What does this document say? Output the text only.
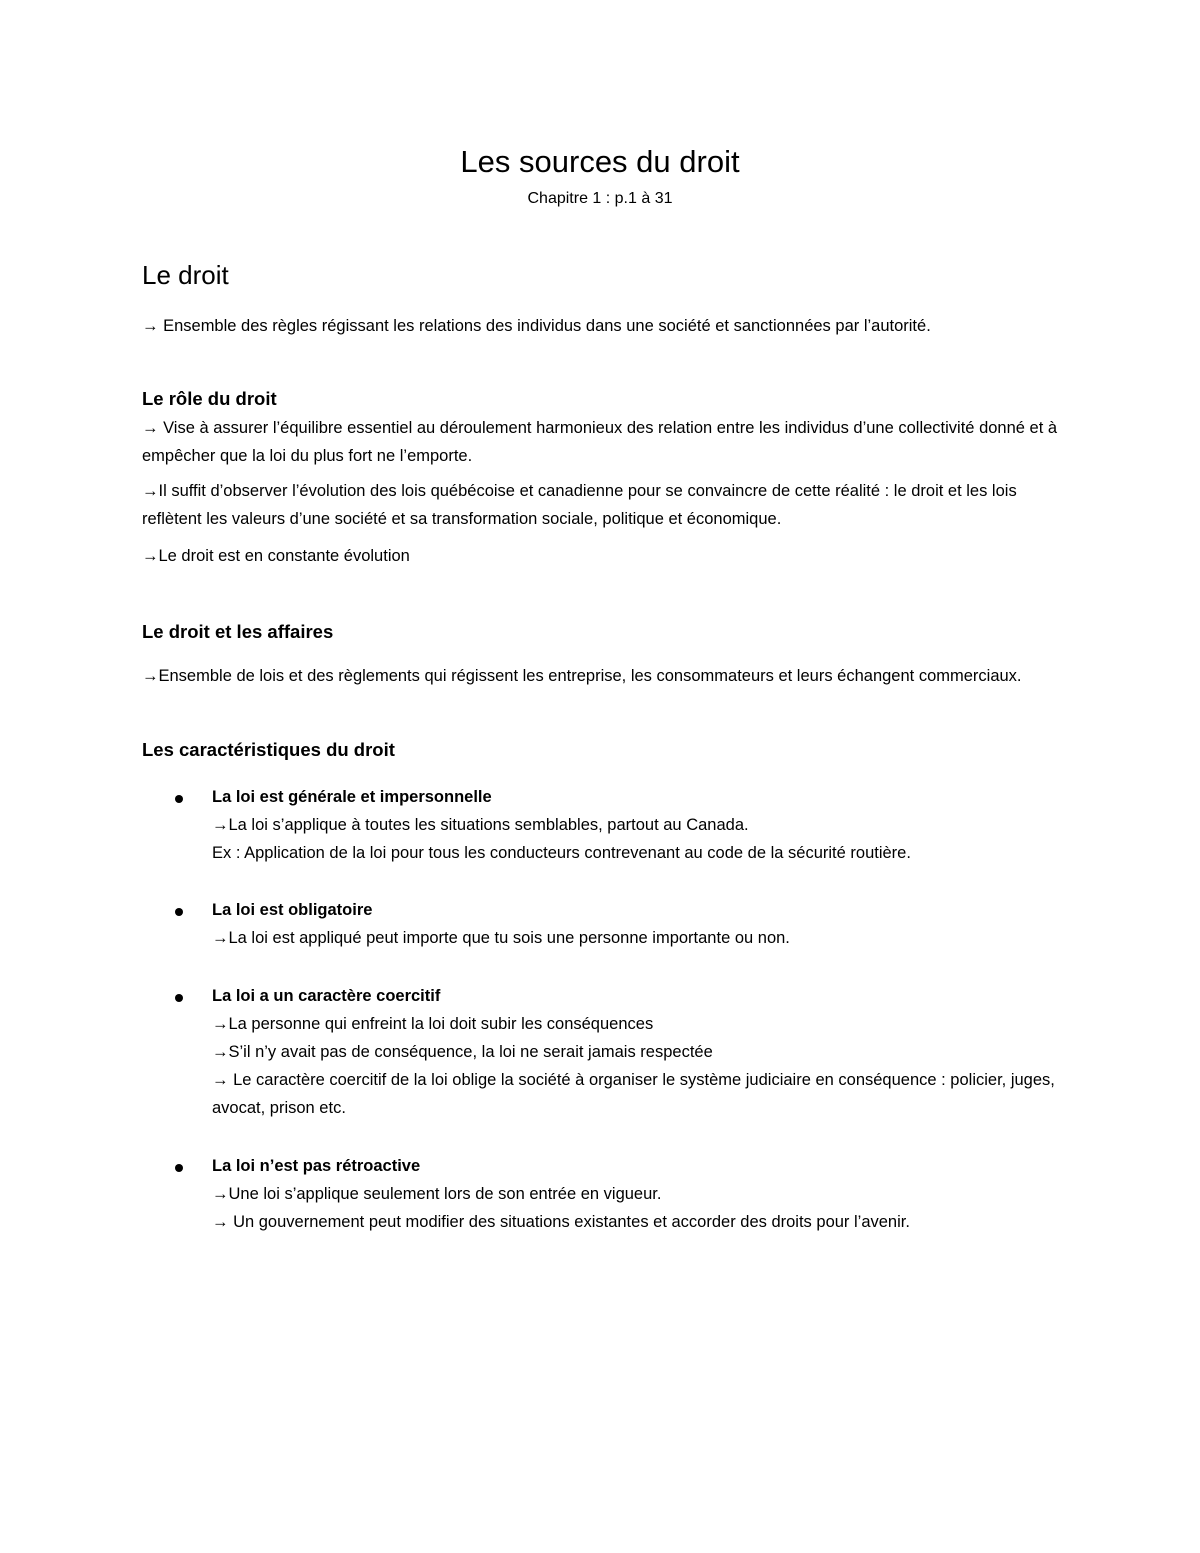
Les sources du droit
Chapitre 1 : p.1 à 31
Le droit

→ Ensemble des règles régissant les relations des individus dans une société et sanctionnées par l’autorité.

Le rôle du droit

→ Vise à assurer l’équilibre essentiel au déroulement harmonieux des relation entre les individus d’une collectivité donné et à empêcher que la loi du plus fort ne l’emporte.

→Il suffit d’observer l’évolution des lois québécoise et canadienne pour se convaincre de cette réalité : le droit et les lois reflètent les valeurs d’une société et sa transformation sociale, politique et économique.

→Le droit est en constante évolution

Le droit et les affaires

→Ensemble de lois et des règlements qui régissent les entreprise, les consommateurs et leurs échangent commerciaux.

Les caractéristiques du droit
La loi est générale et impersonnelle

→La loi s’applique à toutes les situations semblables, partout au Canada.

Ex : Application de la loi pour tous les conducteurs contrevenant au code de la sécurité routière.

La loi est obligatoire

→La loi est appliqué peut importe que tu sois une personne importante ou non.

La loi a un caractère coercitif

→La personne qui enfreint la loi doit subir les conséquences

→S’il n’y avait pas de conséquence, la loi ne serait jamais respectée

→ Le caractère coercitif de la loi oblige la société à organiser le système judiciaire en conséquence : policier, juges, avocat, prison etc.

La loi n’est pas rétroactive

→Une loi s’applique seulement lors de son entrée en vigueur.

→ Un gouvernement peut modifier des situations existantes et accorder des droits pour l’avenir.
